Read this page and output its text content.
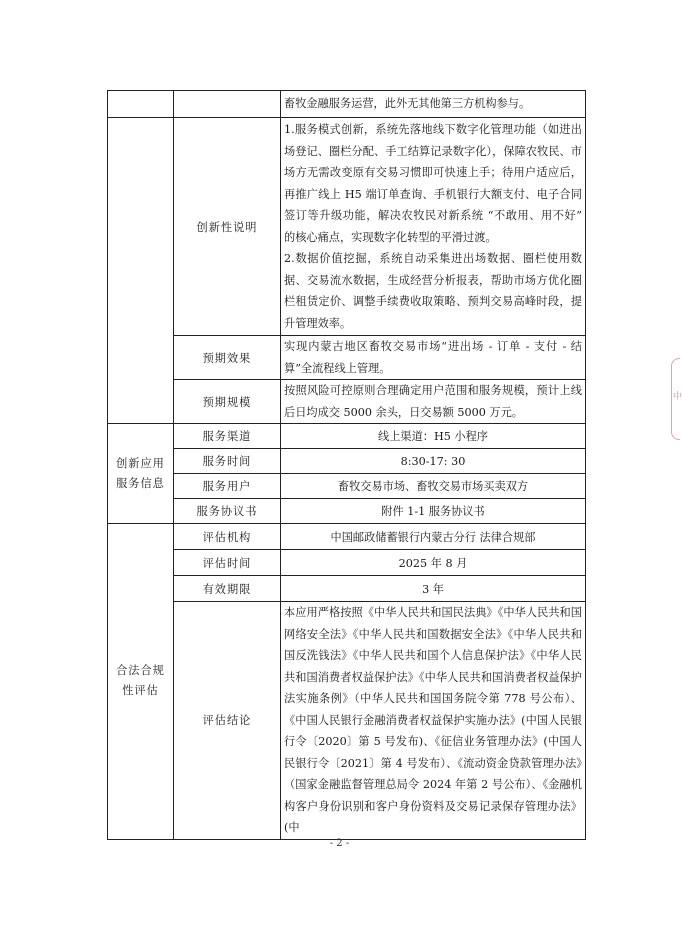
		畜牧金融服务运营，此外无其他第三方机构参与。
	创新性说明	1.服务模式创新，系统先落地线下数字化管理功能（如进出场登记、圈栏分配、手工结算记录数字化），保障农牧民、市场方无需改变原有交易习惯即可快速上手；待用户适应后，再推广线上 H5 端订单查询、手机银行大额支付、电子合同签订等升级功能，解决农牧民对新系统 “不敢用、用不好” 的核心痛点，实现数字化转型的平滑过渡。
2.数据价值挖掘，系统自动采集进出场数据、圈栏使用数据、交易流水数据，生成经营分析报表，帮助市场方优化圈栏租赁定价、调整手续费收取策略、预判交易高峰时段，提升管理效率。

	预期效果	实现内蒙古地区畜牧交易市场“进出场 - 订单 - 支付 - 结算”全流程线上管理。
	预期规模	按照风险可控原则合理确定用户范围和服务规模，预计上线后日均成交 5000 余头，日交易额 5000 万元。
创新应用服务信息	服务渠道	线上渠道：H5 小程序
	服务时间	8:30-17: 30
	服务用户	畜牧交易市场、畜牧交易市场买卖双方
	服务协议书	附件 1-1 服务协议书
合法合规性评估	评估机构	中国邮政储蓄银行内蒙古分行 法律合规部
	评估时间	2025 年 8 月
	有效期限	3 年
	评估结论	本应用严格按照《中华人民共和国民法典》《中华人民共和国网络安全法》《中华人民共和国数据安全法》《中华人民共和国反洗钱法》《中华人民共和国个人信息保护法》《中华人民共和国消费者权益保护法》《中华人民共和国消费者权益保护法实施条例》（中华人民共和国国务院令第 778 号公布）、《中国人民银行金融消费者权益保护实施办法》(中国人民银行令〔2020〕第 5 号发布)、《征信业务管理办法》(中国人民银行令〔2021〕第 4 号发布）、《流动资金贷款管理办法》（国家金融监督管理总局令 2024 年第 2 号公布）、《金融机构客户身份识别和客户身份资料及交易记录保存管理办法》(中
- 2 -
中
